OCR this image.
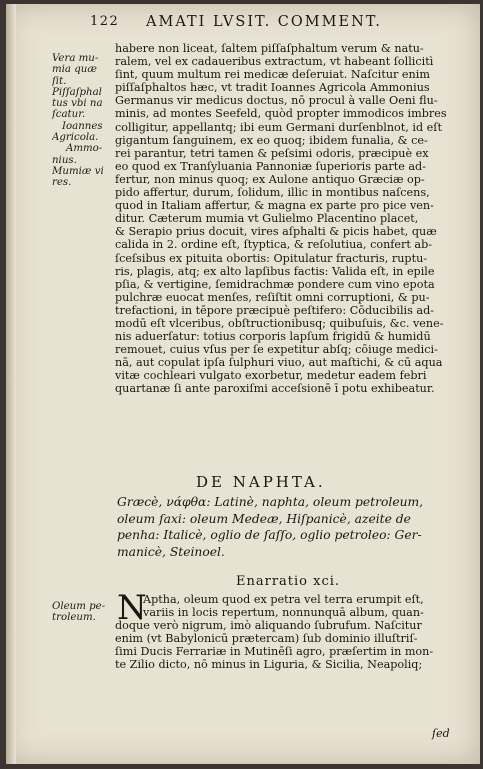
122 AMATI LVSIT. COMMENT.
Vera mu-
mia quæ
ſit.
Piſſaſphal
tus vbi na
ſcatur.
Ioannes
Agricola.
Ammo-
nius.
Mumiæ vi
res.
habere non liceat, ſaltem piſſaſphaltum verum & natu-
ralem, vel ex cadaueribus extractum, vt habeant ſollicitì
ſint, quum multum rei medicæ deſeruiat. Naſcitur enim
piſſaſphaltos hæc, vt tradit Ioannes Agricola Ammonius
Germanus vir medicus doctus, nō procul à valle Oeni flu-
minis, ad montes Seefeld, quòd propter immodicos imbres
colligitur, appellantq; ibi eum Germani durſenblnot, id eſt
gigantum ſanguinem, ex eo quoq; ibidem funalia, & ce-
rei parantur, tetri tamen & peſsimi odoris, præcipuè ex
eo quod ex Tranſyluania Pannoniæ ſuperioris parte ad-
fertur, non minus quoq; ex Aulone antiquo Græciæ op-
pido affertur, durum, ſolidum, illic in montibus naſcens,
quod in Italiam affertur, & magna ex parte pro pice ven-
ditur. Cæterum mumia vt Gulielmo Placentino placet,
& Serapio prius docuit, vires aſphalti & picis habet, quæ
calida in 2. ordine eſt, ſtyptica, & reſolutiua, confert ab-
ſceſsibus ex pituita obortis: Opitulatur fracturis, ruptu-
ris, plagis, atq; ex alto lapſibus factis: Valida eſt, in epile
pſia, & vertigine, ſemidrachmæ pondere cum vino epota
pulchræ euocat menſes, reſiſtit omni corruptioni, & pu-
trefactioni, in tēpore præcipuè peſtifero: Cōducibilis ad-
modū eſt vlceribus, obſtructionibusq; quibuſuis, &c. vene-
nis aduerſatur: totius corporis lapſum frigidū & humidū
remouet, cuius vſus per ſe expetitur abſq; cōiuge medici-
nā, aut copulat ipſa ſulphuri viuo, aut maſtichi, & cū aqua
vitæ cochleari vulgato exorbetur, medetur eadem febri
quartanæ ſi ante paroxiſmi acceſsionē ī potu exhibeatur.
DE NAPHTA.
Græcè, νάφθα: Latinè, naphta, oleum petroleum,
oleum ſaxi: oleum Medeæ, Hiſpanicè, azeite de
penha: Italicè, oglio de ſaſſo, oglio petroleo: Ger-
manicè, Steinoel.
Enarratio xci.
Oleum pe-
troleum. N
Aptha, oleum quod ex petra vel terra erumpit eſt,
variis in locis repertum, nonnunquā album, quan-
doque verò nigrum, imò aliquando ſubrufum. Naſcitur
enim (vt Babylonicū prætercam) ſub dominio illuſtriſ-
ſimi Ducis Ferrariæ in Mutinēſi agro, præſertim in mon-
te Zilio dicto, nō minus in Liguria, & Sicilia, Neapoliq;
ſed
